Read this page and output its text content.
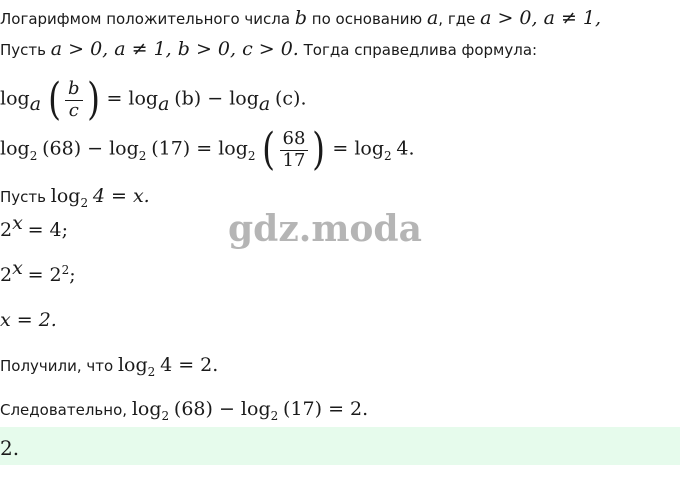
Логарифмом положительного числа b по основанию a, где a > 0, a ≠ 1,
Пусть a > 0, a ≠ 1, b > 0, c > 0. Тогда справедлива формула:
$\log_a$ ( $\frac{b}{c}$ ) = $\log_a (b) - \log_a (c)$.
$\log_2 (68) - \log_2 (17) = \log_2$ ( $\frac{68}{17}$ ) = $\log_2 4$.
Пусть $\log_2 4 = x$.
$2^x = 4$;	gdz.moda
$2^x = 2^2$;
x = 2.
Получили, что $\log_2 4 = 2$.
Следовательно, $\log_2 (68) - \log_2 (17) = 2$.
2.
